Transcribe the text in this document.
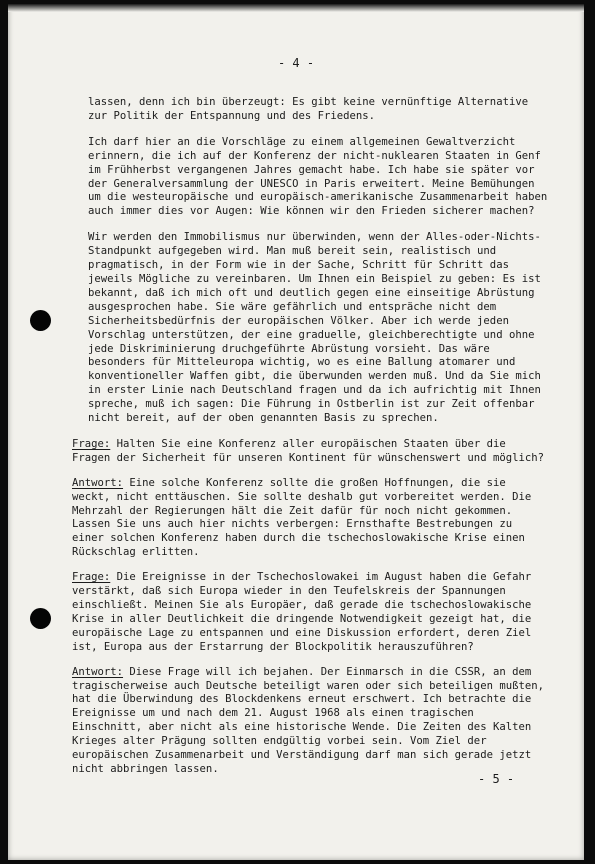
- 4 -

lassen, denn ich bin überzeugt: Es gibt keine vernünftige Alternative zur Politik der Entspannung und des Friedens.

Ich darf hier an die Vorschläge zu einem allgemeinen Gewaltverzicht erinnern, die ich auf der Konferenz der nicht-nuklearen Staaten in Genf im Frühherbst vergangenen Jahres gemacht habe. Ich habe sie später vor der Generalversammlung der UNESCO in Paris erweitert. Meine Bemühungen um die westeuropäische und europäisch-amerikanische Zusammenarbeit haben auch immer dies vor Augen: Wie können wir den Frieden sicherer machen?

Wir werden den Immobilismus nur überwinden, wenn der Alles-oder-Nichts-Standpunkt aufgegeben wird. Man muß bereit sein, realistisch und pragmatisch, in der Form wie in der Sache, Schritt für Schritt das jeweils Mögliche zu vereinbaren. Um Ihnen ein Beispiel zu geben: Es ist bekannt, daß ich mich oft und deutlich gegen eine einseitige Abrüstung ausgesprochen habe. Sie wäre gefährlich und entspräche nicht dem Sicherheitsbedürfnis der europäischen Völker. Aber ich werde jeden Vorschlag unterstützen, der eine graduelle, gleichberechtigte und ohne jede Diskriminierung druchgeführte Abrüstung vorsieht. Das wäre besonders für Mitteleuropa wichtig, wo es eine Ballung atomarer und konventioneller Waffen gibt, die überwunden werden muß. Und da Sie mich in erster Linie nach Deutschland fragen und da ich aufrichtig mit Ihnen spreche, muß ich sagen: Die Führung in Ostberlin ist zur Zeit offenbar nicht bereit, auf der oben genannten Basis zu sprechen.

Frage: Halten Sie eine Konferenz aller europäischen Staaten über die Fragen der Sicherheit für unseren Kontinent für wünschenswert und möglich?
Antwort: Eine solche Konferenz sollte die großen Hoffnungen, die sie weckt, nicht enttäuschen. Sie sollte deshalb gut vorbereitet werden. Die Mehrzahl der Regierungen hält die Zeit dafür für noch nicht gekommen. Lassen Sie uns auch hier nichts verbergen: Ernsthafte Bestrebungen zu einer solchen Konferenz haben durch die tschechoslowakische Krise einen Rückschlag erlitten.
Frage: Die Ereignisse in der Tschechoslowakei im August haben die Gefahr verstärkt, daß sich Europa wieder in den Teufelskreis der Spannungen einschließt. Meinen Sie als Europäer, daß gerade die tschechoslowakische Krise in aller Deutlichkeit die dringende Notwendigkeit gezeigt hat, die europäische Lage zu entspannen und eine Diskussion erfordert, deren Ziel ist, Europa aus der Erstarrung der Blockpolitik herauszuführen?
Antwort: Diese Frage will ich bejahen. Der Einmarsch in die CSSR, an dem tragischerweise auch Deutsche beteiligt waren oder sich beteiligen mußten, hat die Überwindung des Blockdenkens erneut erschwert. Ich betrachte die Ereignisse um und nach dem 21. August 1968 als einen tragischen Einschnitt, aber nicht als eine historische Wende. Die Zeiten des Kalten Krieges alter Prägung sollten endgültig vorbei sein. Vom Ziel der europäischen Zusammenarbeit und Verständigung darf man sich gerade jetzt nicht abbringen lassen.
- 5 -
